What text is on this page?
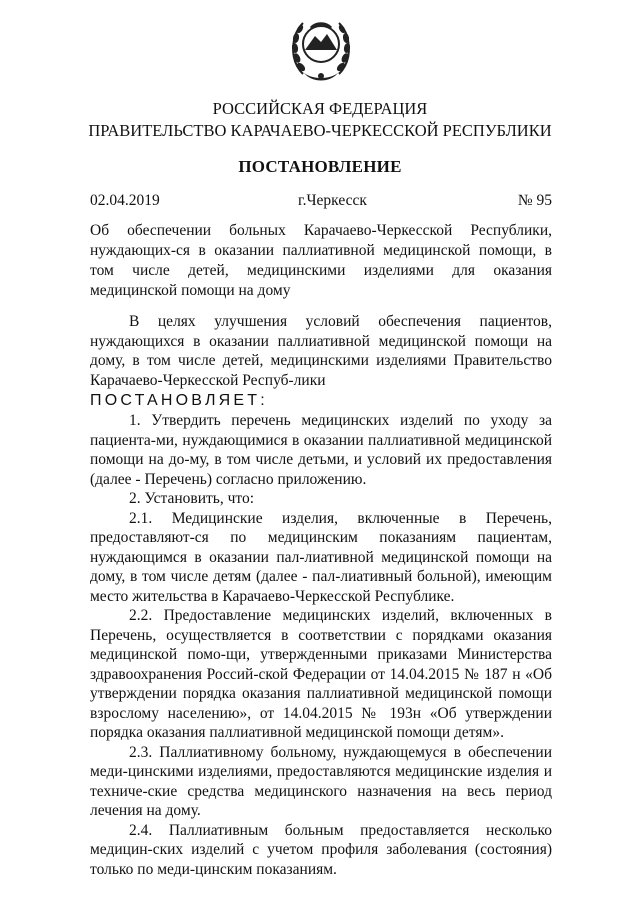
РОССИЙСКАЯ ФЕДЕРАЦИЯ
ПРАВИТЕЛЬСТВО КАРАЧАЕВО-ЧЕРКЕССКОЙ РЕСПУБЛИКИ
ПОСТАНОВЛЕНИЕ
02.04.2019	г.Черкесск	№ 95
Об обеспечении больных Карачаево-Черкесской Республики, нуждающих-ся в оказании паллиативной медицинской помощи, в том числе детей, медицинскими изделиями для оказания медицинской помощи на дому

В целях улучшения условий обеспечения пациентов, нуждающихся в оказании паллиативной медицинской помощи на дому, в том числе детей, медицинскими изделиями Правительство Карачаево-Черкесской Респуб-лики

ПОСТАНОВЛЯЕТ:

1. Утвердить перечень медицинских изделий по уходу за пациента-ми, нуждающимися в оказании паллиативной медицинской помощи на до-му, в том числе детьми, и условий их предоставления (далее - Перечень) согласно приложению.

2. Установить, что:

2.1. Медицинские изделия, включенные в Перечень, предоставляют-ся по медицинским показаниям пациентам, нуждающимся в оказании пал-лиативной медицинской помощи на дому, в том числе детям (далее - пал-лиативный больной), имеющим место жительства в Карачаево-Черкесской Республике.

2.2. Предоставление медицинских изделий, включенных в Перечень, осуществляется в соответствии с порядками оказания медицинской помо-щи, утвержденными приказами Министерства здравоохранения Россий-ской Федерации от 14.04.2015 № 187 н «Об утверждении порядка оказания паллиативной медицинской помощи взрослому населению», от 14.04.2015 № 193н «Об утверждении порядка оказания паллиативной медицинской помощи детям».

2.3. Паллиативному больному, нуждающемуся в обеспечении меди-цинскими изделиями, предоставляются медицинские изделия и техниче-ские средства медицинского назначения на весь период лечения на дому.

2.4. Паллиативным больным предоставляется несколько медицин-ских изделий с учетом профиля заболевания (состояния) только по меди-цинским показаниям.
